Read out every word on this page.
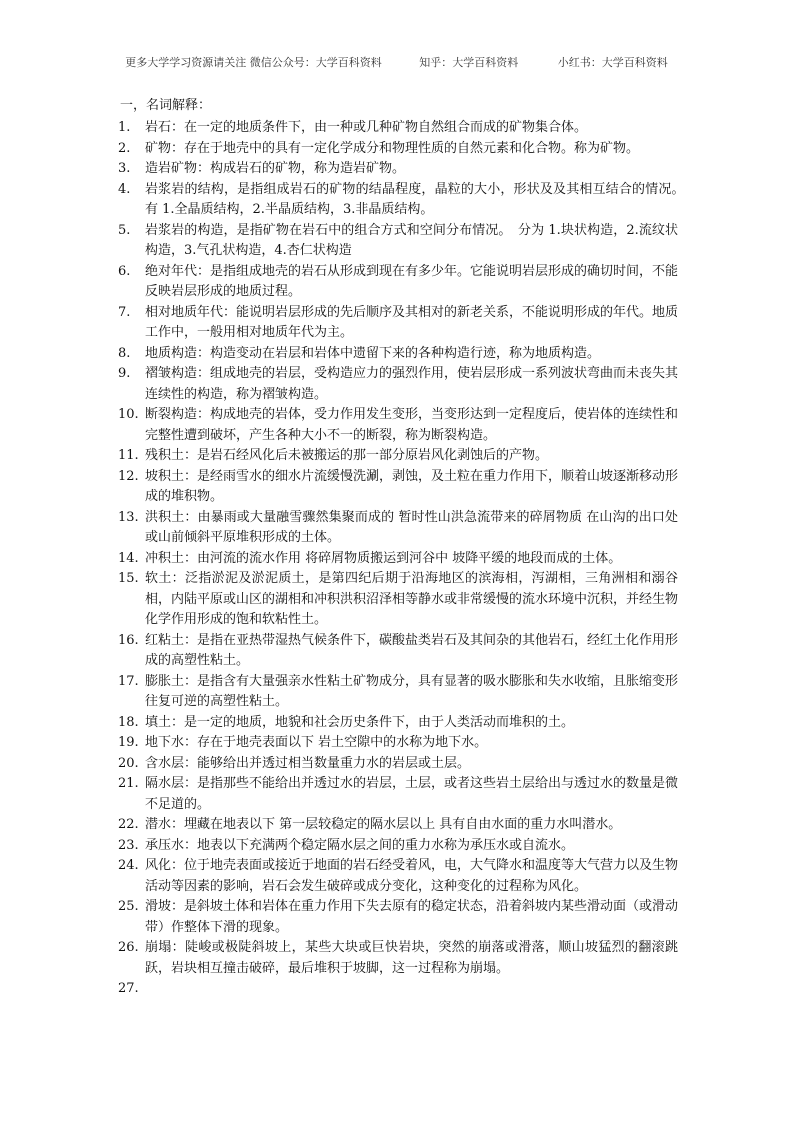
更多大学学习资源请关注 微信公众号：大学百科资料	知乎：大学百科资料	小红书：大学百科资料
一，名词解释：
1.	岩石：在一定的地质条件下，由一种或几种矿物自然组合而成的矿物集合体。
2.	矿物：存在于地壳中的具有一定化学成分和物理性质的自然元素和化合物。称为矿物。
3.	造岩矿物：构成岩石的矿物，称为造岩矿物。
4.	岩浆岩的结构，是指组成岩石的矿物的结晶程度，晶粒的大小，形状及及其相互结合的情况。　　有 1.全晶质结构，2.半晶质结构，3.非晶质结构。
5.	岩浆岩的构造，是指矿物在岩石中的组合方式和空间分布情况。　分为 1.块状构造，2.流纹状构造，3.气孔状构造，4.杏仁状构造
6.	绝对年代：是指组成地壳的岩石从形成到现在有多少年。它能说明岩层形成的确切时间，不能反映岩层形成的地质过程。
7.	相对地质年代：能说明岩层形成的先后顺序及其相对的新老关系，不能说明形成的年代。地质工作中，一般用相对地质年代为主。
8.	地质构造：构造变动在岩层和岩体中遗留下来的各种构造行迹，称为地质构造。
9.	褶皱构造：组成地壳的岩层，受构造应力的强烈作用，使岩层形成一系列波状弯曲而未丧失其连续性的构造，称为褶皱构造。
10. 断裂构造：构成地壳的岩体，受力作用发生变形，当变形达到一定程度后，使岩体的连续性和完整性遭到破坏，产生各种大小不一的断裂，称为断裂构造。
11. 残积土：是岩石经风化后未被搬运的那一部分原岩风化剥蚀后的产物。
12. 坡积土：是经雨雪水的细水片流缓慢洗涮，剥蚀，及土粒在重力作用下，顺着山坡逐渐移动形成的堆积物。
13. 洪积土：由暴雨或大量融雪骤然集聚而成的 暂时性山洪急流带来的碎屑物质 在山沟的出口处或山前倾斜平原堆积形成的土体。
14. 冲积土：由河流的流水作用 将碎屑物质搬运到河谷中 坡降平缓的地段而成的土体。
15. 软土：泛指淤泥及淤泥质土，是第四纪后期于沿海地区的滨海相，泻湖相，三角洲相和溺谷相，内陆平原或山区的湖相和冲积洪积沼泽相等静水或非常缓慢的流水环境中沉积，并经生物化学作用形成的饱和软粘性土。
16. 红粘土：是指在亚热带湿热气候条件下，碳酸盐类岩石及其间杂的其他岩石，经红土化作用形成的高塑性粘土。
17. 膨胀土：是指含有大量强亲水性粘土矿物成分，具有显著的吸水膨胀和失水收缩，且胀缩变形往复可逆的高塑性粘土。
18. 填土：是一定的地质，地貌和社会历史条件下，由于人类活动而堆积的土。
19. 地下水：存在于地壳表面以下 岩土空隙中的水称为地下水。
20. 含水层：能够给出并透过相当数量重力水的岩层或土层。
21. 隔水层：是指那些不能给出并透过水的岩层，土层，或者这些岩土层给出与透过水的数量是微不足道的。
22. 潜水：埋藏在地表以下 第一层较稳定的隔水层以上 具有自由水面的重力水叫潜水。
23. 承压水：地表以下充满两个稳定隔水层之间的重力水称为承压水或自流水。
24. 风化：位于地壳表面或接近于地面的岩石经受着风，电，大气降水和温度等大气营力以及生物活动等因素的影响，岩石会发生破碎或成分变化，这种变化的过程称为风化。
25. 滑坡：是斜坡土体和岩体在重力作用下失去原有的稳定状态，沿着斜坡内某些滑动面（或滑动带）作整体下滑的现象。
26. 崩塌：陡峻或极陡斜坡上，某些大块或巨快岩块，突然的崩落或滑落，顺山坡猛烈的翻滚跳跃，岩块相互撞击破碎，最后堆积于坡脚，这一过程称为崩塌。
27.
